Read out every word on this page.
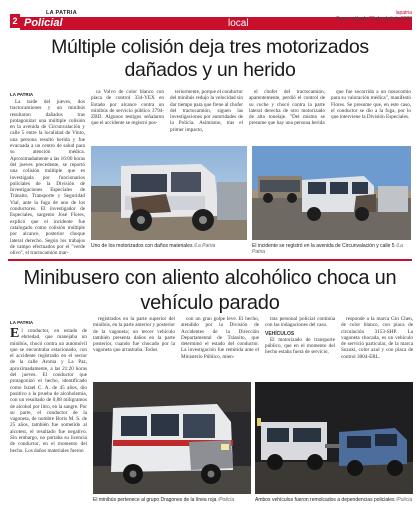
2
LA PATRIA
Policial	local
lapatria
Oruro, sábado 29 de abril de 2023
Múltiple colisión deja tres motorizados dañados y un herido
LA PATRIA

La tarde del jueves, dos tractocamiones y un minibús resultaron dañados tras protagonizar una múltiple colisión en la avenida de Circunvalación y calle 5 entre la localidad de Vinto, una persona resultó herida y fue evacuada a un centro de salud para su atención médica. Aproximadamente a las 16:00 horas del jueves precedente, se reportó una colisión múltiple que es investigada por funcionarios policiales de la División de Investigaciones Especiales de Tránsito, Transporte y Seguridad Vial, ante la fuga de uno de los conductores. El investigador de Especiales, sargento José Flores, explicó que el incidente fue catalogado como colisión múltiple por alcance, posterior choque lateral derecho. Según los trabajos de campo efectuados por el "verde olivo", el tractocamión mar-

ca Volvo de color blanco con placa de control 334-YEX en Estado por alcance contra un minibús de servicio público 3794-ZBD. Algunos testigos señalaron que el accidente se registró pos-

teriormente, porque el conductor del minibús redujo la velocidad sin dar tiempo para que frene al chofer del tractocamión, siguen las investigaciones por autoridades de la Policía. Asimismo, tras el primer impacto,

el chofer del tractocamión, aparentemente, perdió el control de su coche y chocó contra la parte lateral derecha de otro motorizado de alto tonelaje. "Del mismo se presume que hay una persona herida

que fue socorrida a un nosocomio para su valoración médica", manifestó Flores. Se presume que, en este caso, el conductor se dio a la fuga, por lo que interviene la División Especiales.

Uno de los motorizados con daños materiales /La Patria	El incidente se registró en la avenida de Circunvalación y calle 5 /La Patria
Minibusero con aliento alcohólico choca un vehículo parado
LA PATRIA

El conductor, en estado de ebriedad, que manejaba un minibús, chocó contra un automóvil que se encontraba estacionado, con el accidente registrado en el sector de la calle Aroma y La Paz, aproximadamente, a las 21:20 horas del jueves. El conductor que protagonizó el hecho, identificado como Israel C. A. de 45 años, dio positivo a la prueba de alcoholemia, con un resultado de 0,88 miligramos de alcohol por litro, en la sangre. Por su parte, el conductor de la vagoneta, de nombre Boris M. S. de 25 años, también fue sometido al alcotest, el resultado fue negativo. Sin embargo, no portaba su licencia de conductor, en el momento del hecho. Los daños materiales fueron

registrados en la parte superior del minibús, en la parte anterior y posterior de la vagoneta; un tercer vehículo también presenta daños en la parte posterior, cuando fue chocado por la vagoneta que arrastraba. Todos

con un gran golpe leve. El hecho, atendido por la División de Accidentes de la Dirección Departamental de Tránsito, que determinó el estado del conductor. La investigación fue remitida ante el Ministerio Público, mien-

tras personal policial continúa con las indagaciones del caso.

VEHÍCULOS

El motorizado de transporte público, que en el momento del hecho estaba fuera de servicio,

responde a la marca Gin Chen, de color blanco, con placa de circulación 3153-SHP. La vagoneta chocada, es un vehículo de servicio particular, de la marca Suzuki, color azul y con placa de control 3004-ERL.

El minibús pertenece al grupo Dragones de la línea roja /Policía	Ambos vehículos fueron remolcados a dependencias policiales /Policía
